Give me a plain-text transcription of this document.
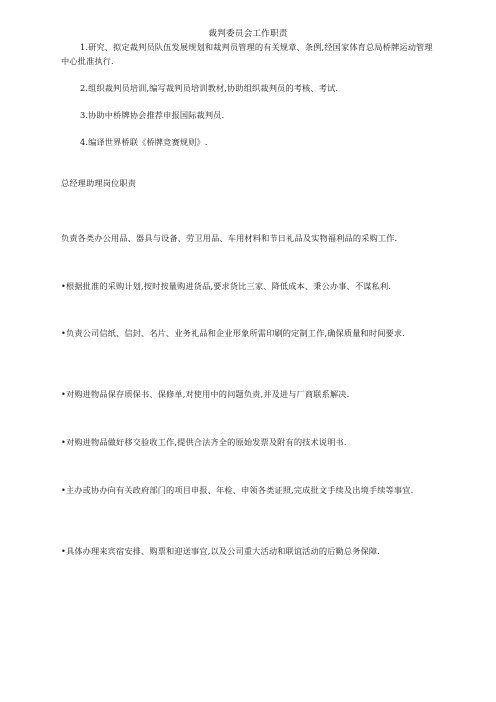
裁判委员会工作职责

1.研究、拟定裁判员队伍发展规划和裁判员管理的有关规章、条例,经国家体育总局桥牌运动管理中心批准执行.

2.组织裁判员培训,编写裁判员培训教材,协助组织裁判员的考核、考试.

3.协助中桥牌协会推荐申报国际裁判员.

4.编译世界桥联《桥牌竞赛规则》.

总经理助理岗位职责

负责各类办公用品、器具与设备、劳卫用品、车用材料和节日礼品及实物福利品的采购工作.

•根据批准的采购计划,按时按量购进货品,要求货比三家、降低成本、秉公办事、不谋私利.

•负责公司信纸、信封、名片、业务礼品和企业形象所需印刷的定制工作,确保质量和时间要求.

•对购进物品保存质保书、保修单,对使用中的问题负责,并及进与厂商联系解决.

•对购进物品做好移交验收工作,提供合法齐全的原始发票及附有的技术说明书.

•主办或协办向有关政府部门的项目申报、年检、申领各类证照,完成批文手续及出境手续等事宜.

•具体办理来宾宿安排、购票和迎送事宜,以及公司重大活动和联谊活动的后勤总务保障.
